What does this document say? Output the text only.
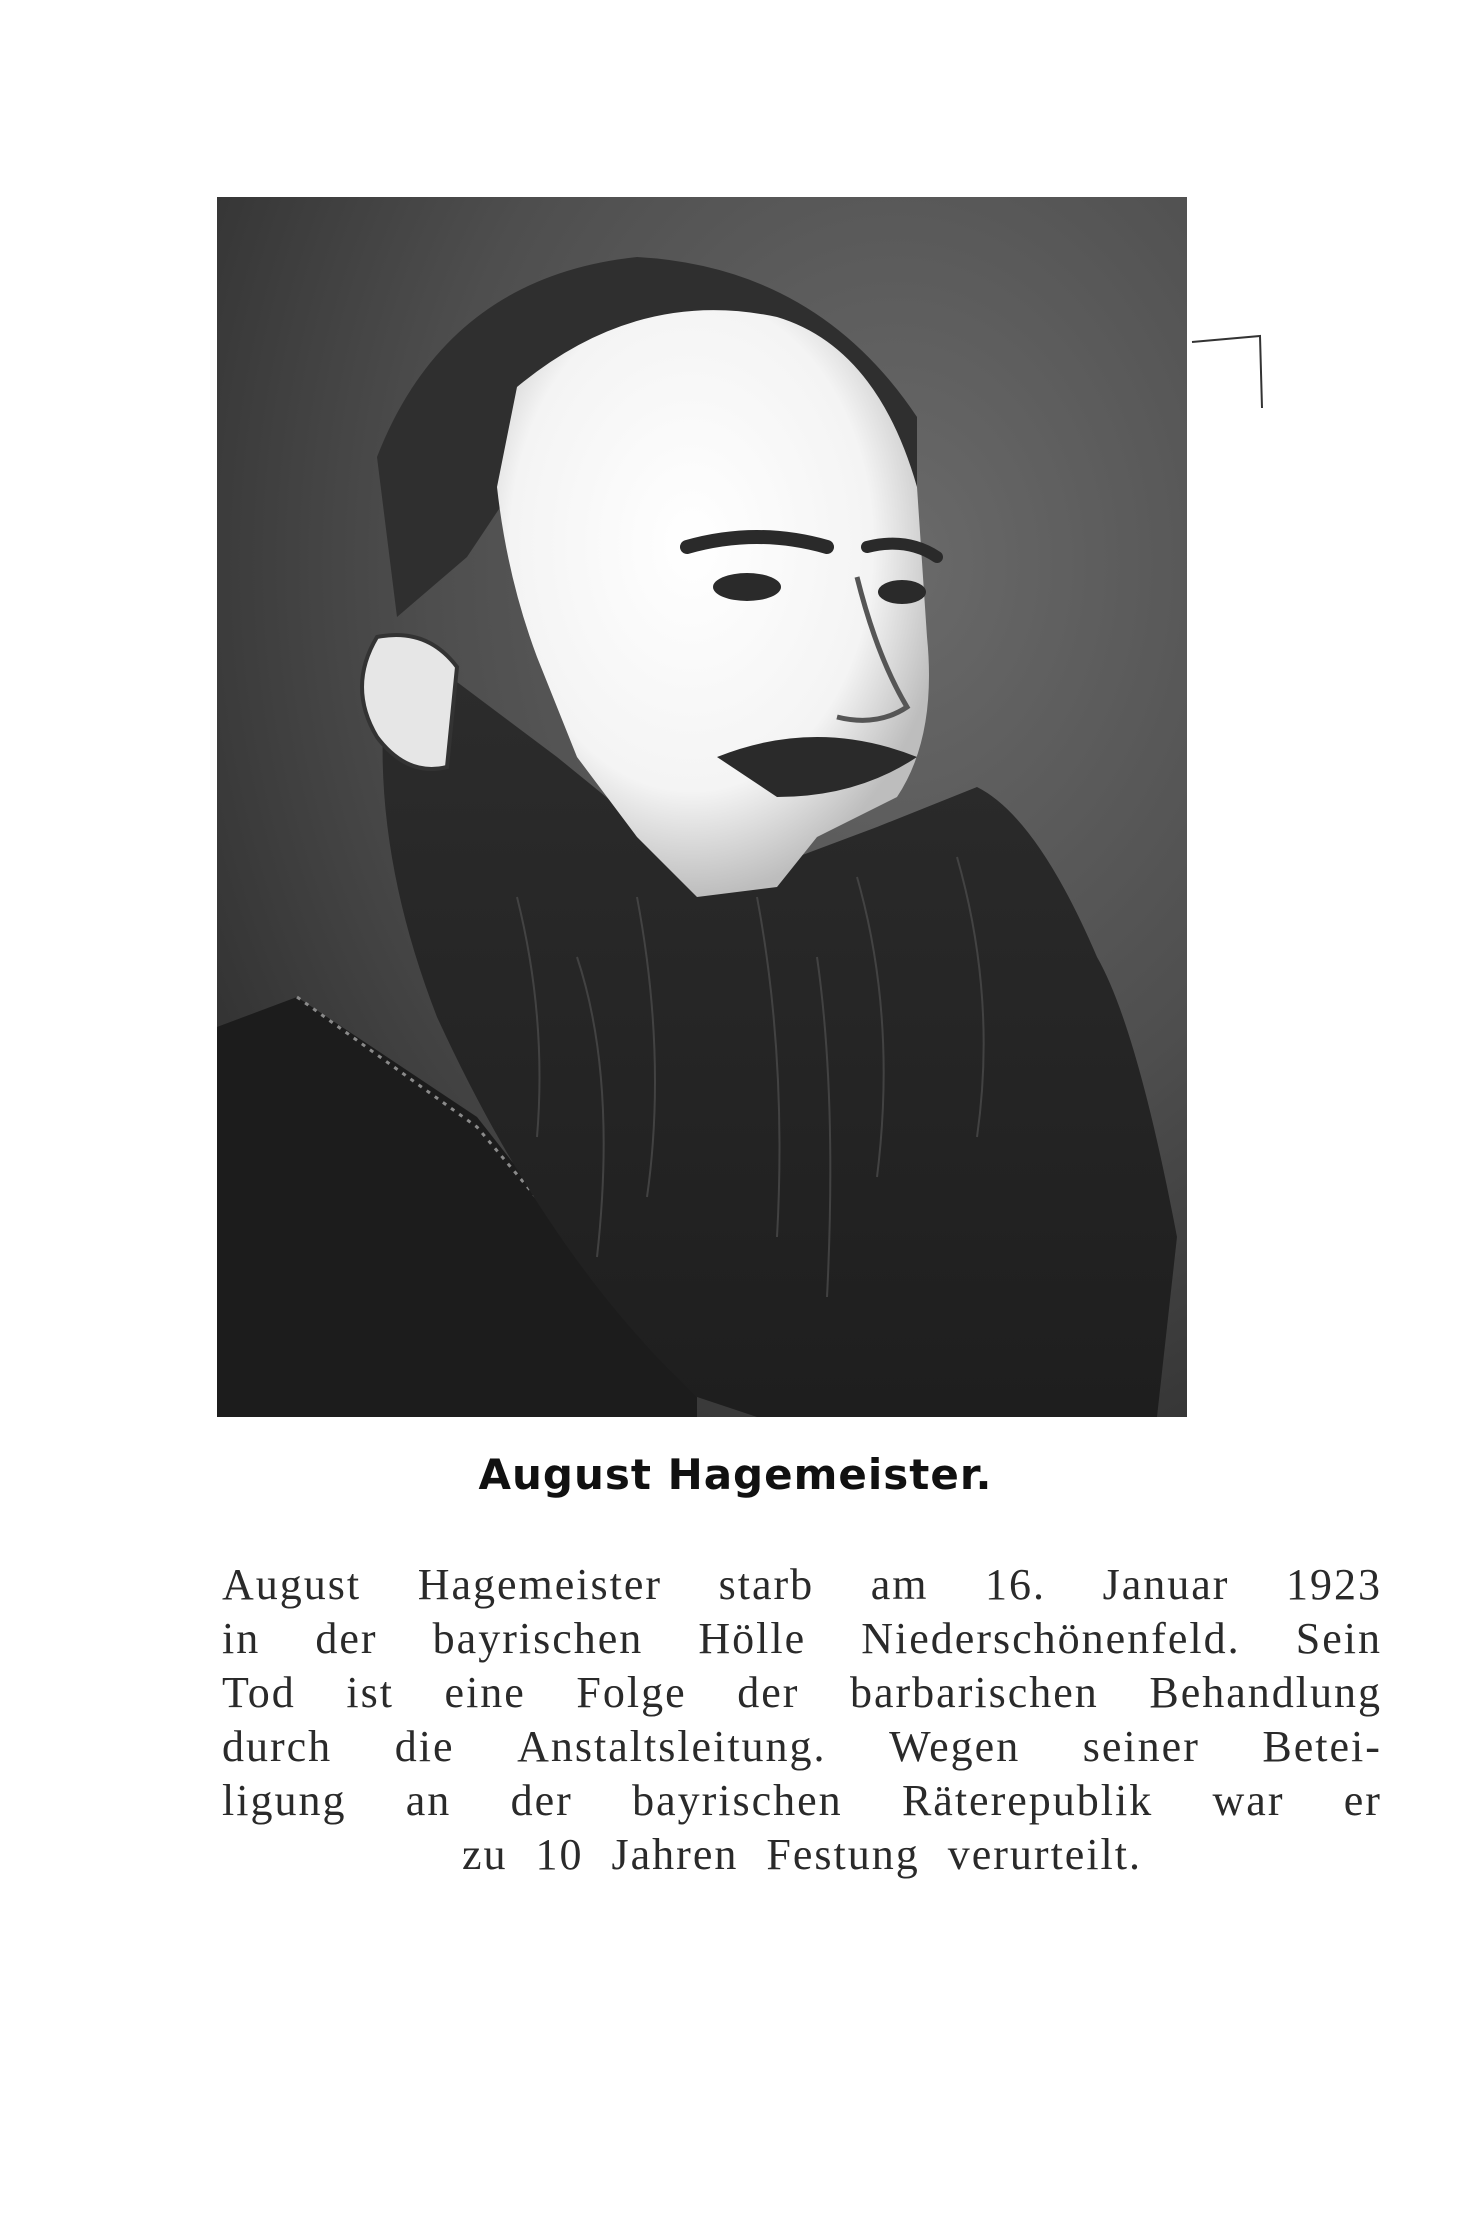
August Hagemeister.
August Hagemeister starb am 16. Januar 1923
in der bayrischen Hölle Niederschönenfeld. Sein
Tod ist eine Folge der barbarischen Behandlung
durch die Anstaltsleitung. Wegen seiner Betei-
ligung an der bayrischen Räterepublik war er
zu 10 Jahren Festung verurteilt.
